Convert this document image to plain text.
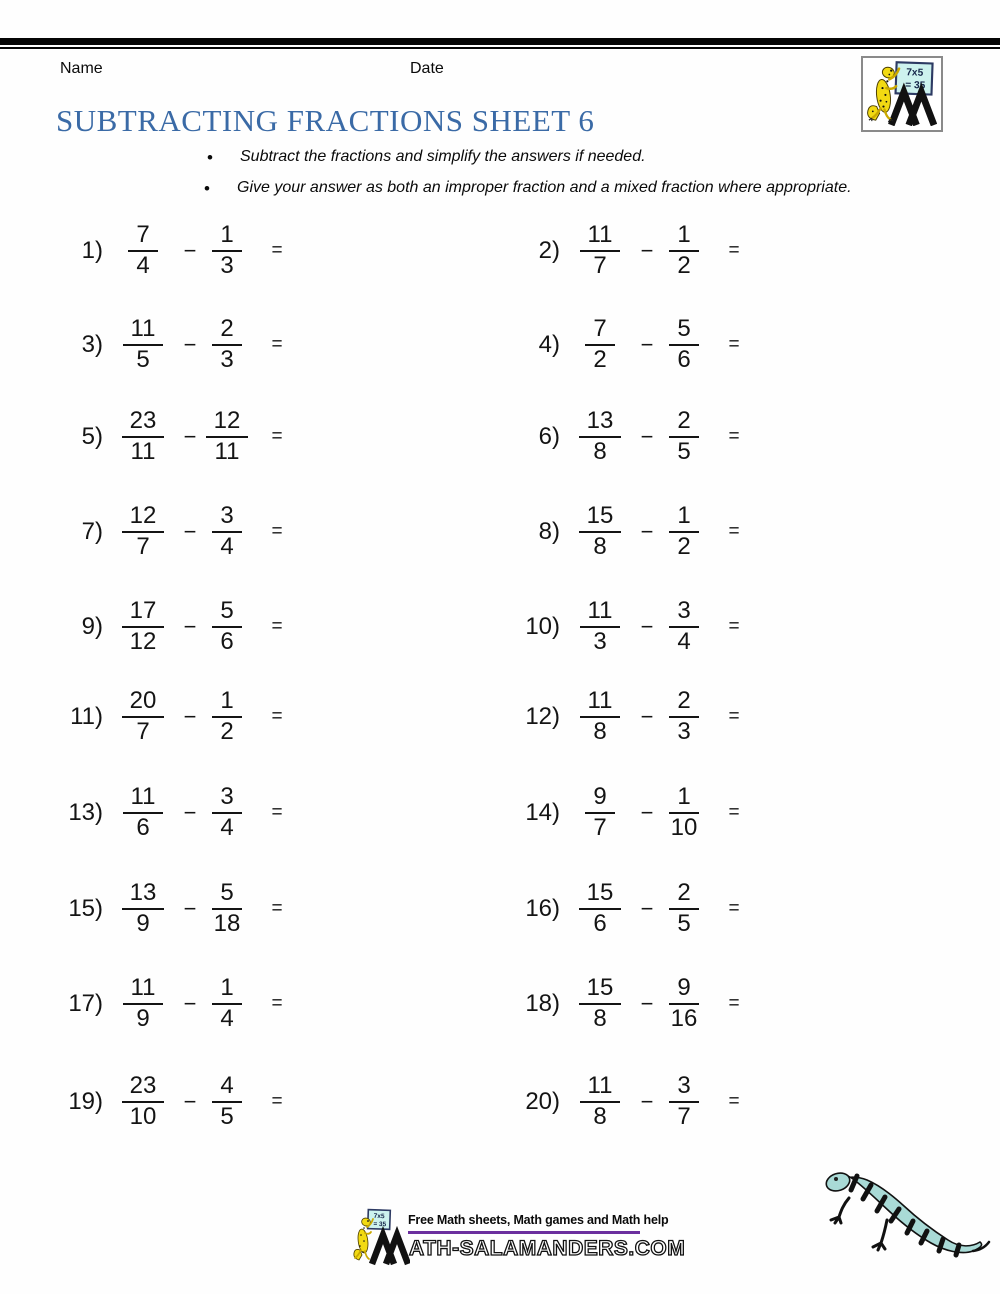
Name	Date	7x5
= 35
SUBTRACTING FRACTIONS SHEET 6
• Subtract the fractions and simplify the answers if needed.
• Give your answer as both an improper fraction and a mixed fraction where appropriate.
$1) \frac{7}{4} - \frac{1}{3}$	=
$3) \frac{11}{5} - \frac{2}{3}$	=
$5) \frac{23}{11} - \frac{12}{11}$	=
$7) \frac{12}{7} - \frac{3}{4}$	=
$9) \frac{17}{12} - \frac{5}{6}$	=
$11) \frac{20}{7} - \frac{1}{2}$	=
$13) \frac{11}{6} - \frac{3}{4}$	=
$15) \frac{13}{9} - \frac{5}{18}$	=
$17) \frac{11}{9} - \frac{1}{4}$	=
$19) \frac{23}{10} - \frac{4}{5}$	=
$2) \frac{11}{7} - \frac{1}{2}$	=
$4) \frac{7}{2} - \frac{5}{6}$	=
$6) \frac{13}{8} - \frac{2}{5}$	=
$8) \frac{15}{8} - \frac{1}{2}$	=
$10) \frac{11}{3} - \frac{3}{4}$	=
$12) \frac{11}{8} - \frac{2}{3}$	=
$14) \frac{9}{7} - \frac{1}{10}$	=
$16) \frac{15}{6} - \frac{2}{5}$	=
$18) \frac{15}{8} - \frac{9}{16}$	=
$20) \frac{11}{8} - \frac{3}{7}$	=
7x5
= 35 Free Math sheets, Math games and Math help
ATH-SALAMANDERS.COM
